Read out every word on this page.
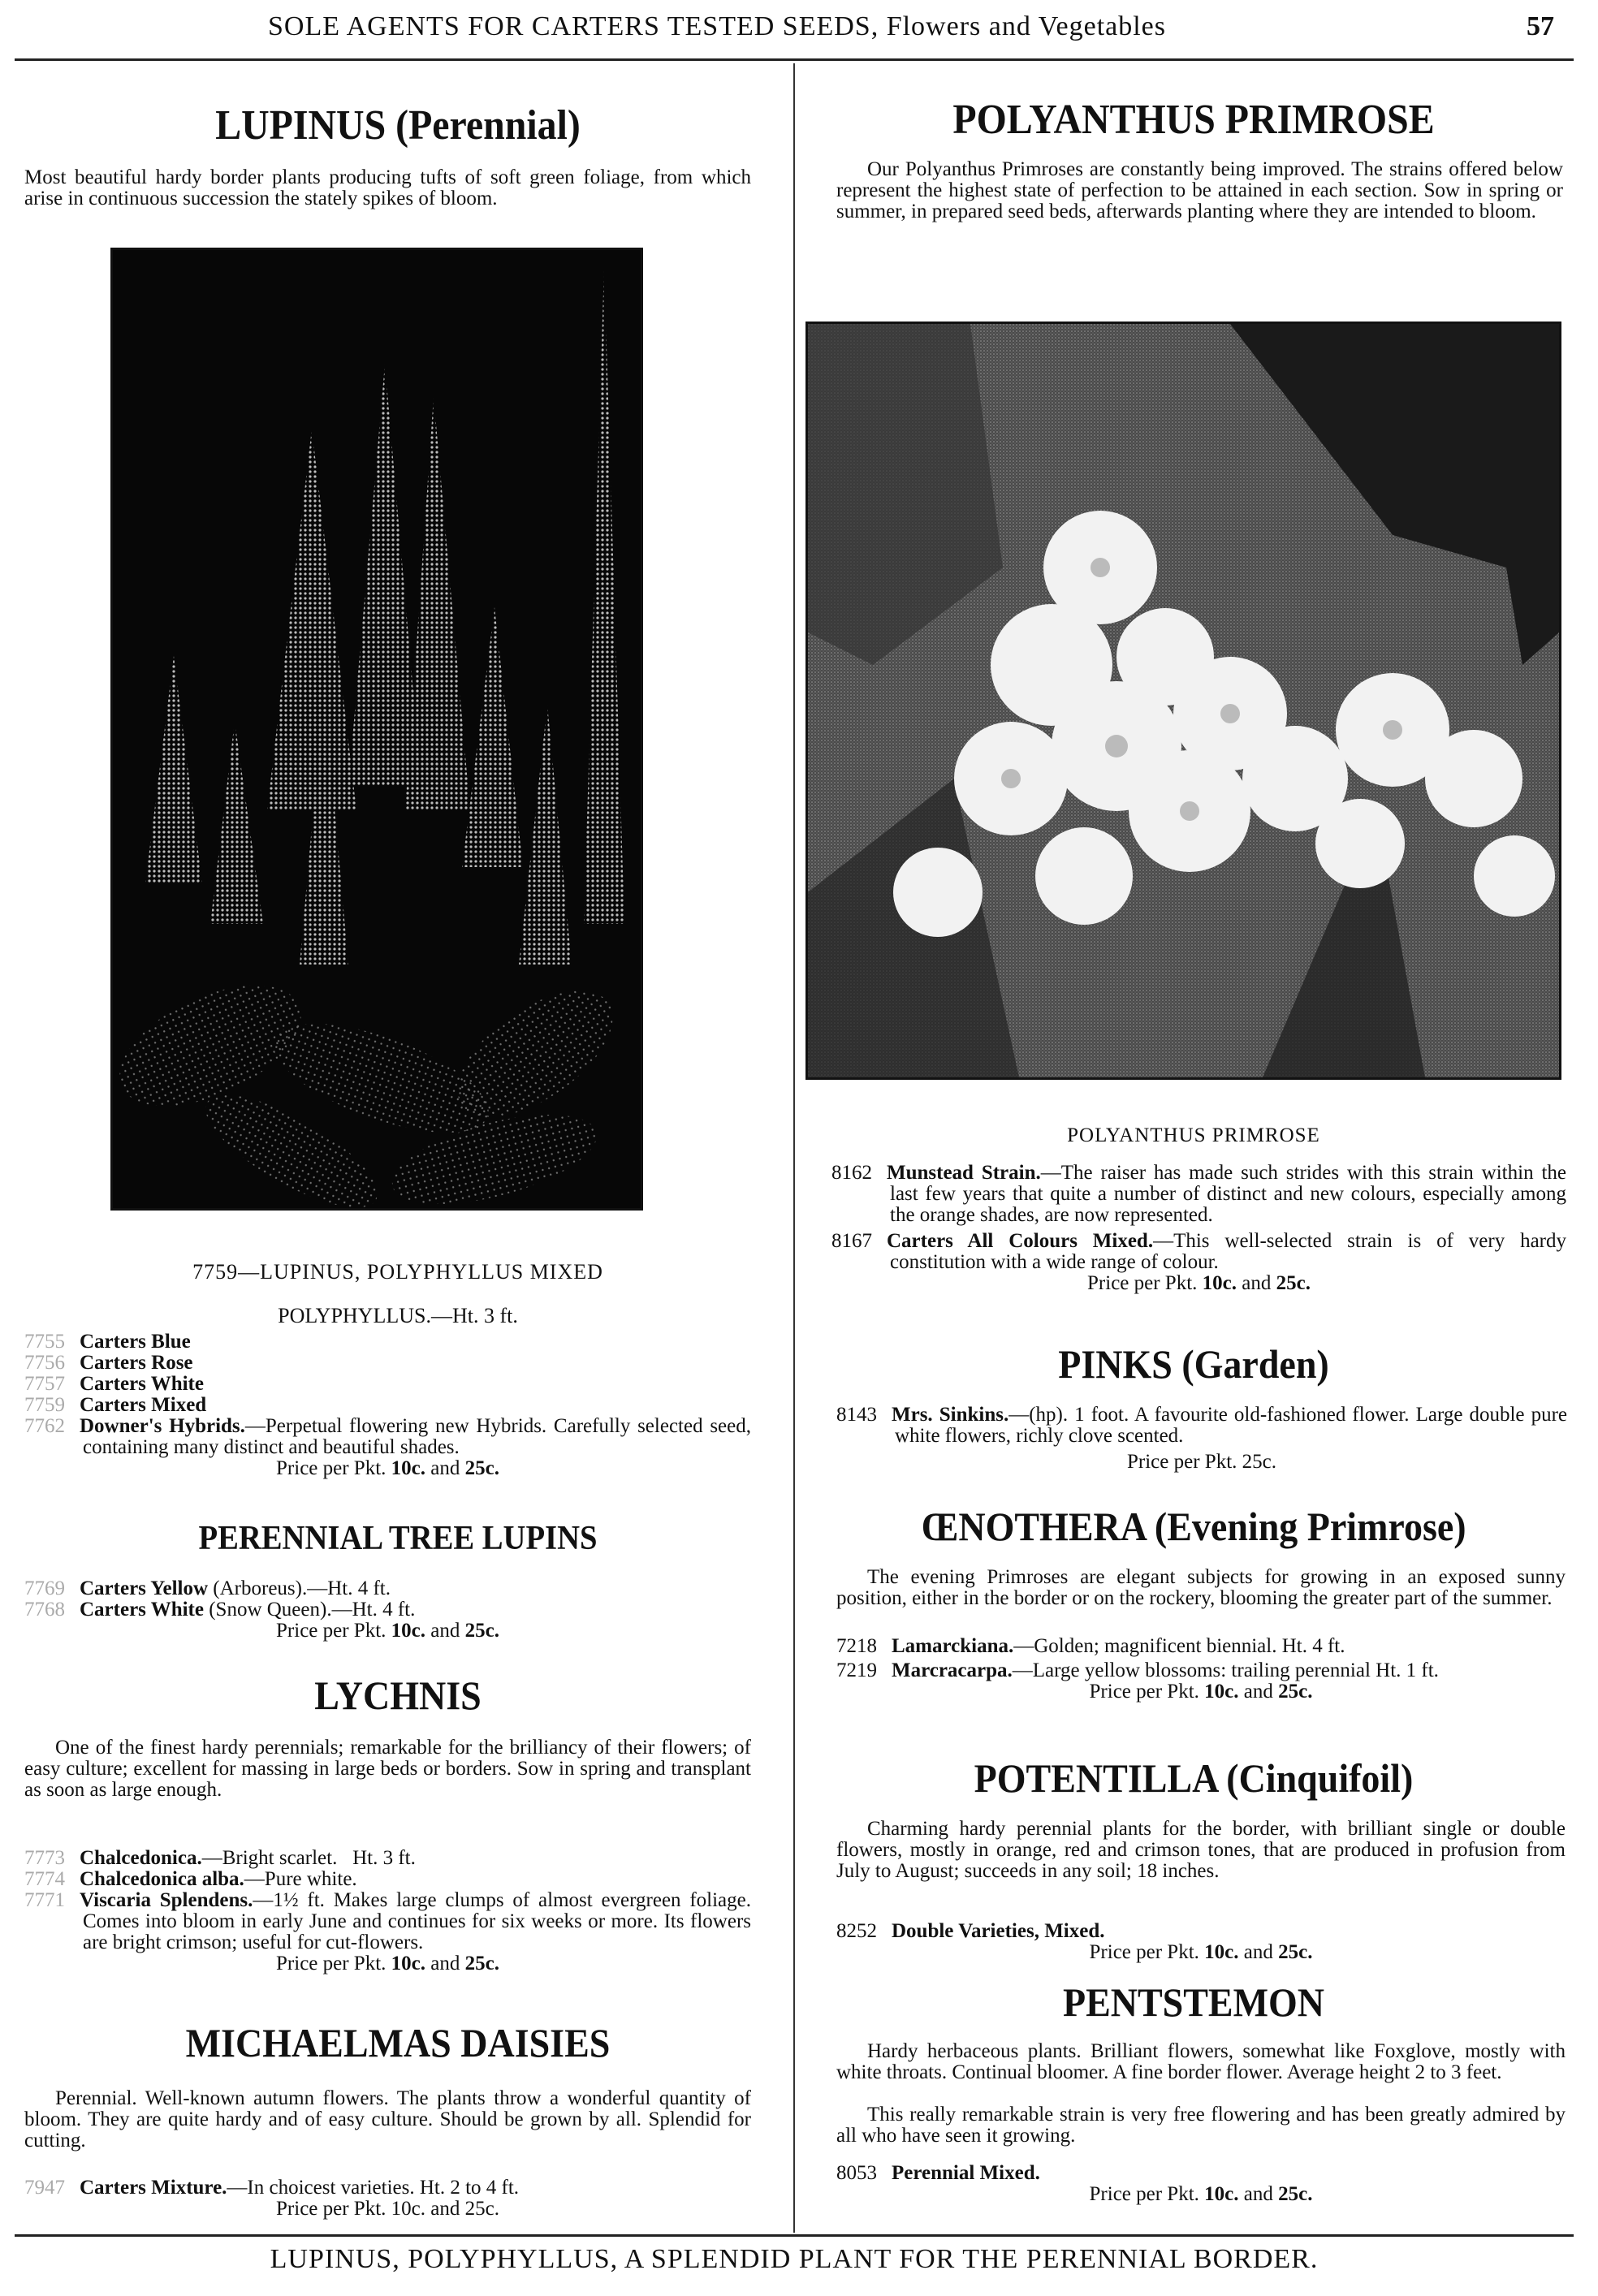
SOLE AGENTS FOR CARTERS TESTED SEEDS, Flowers and Vegetables	57
LUPINUS (Perennial)
Most beautiful hardy border plants producing tufts of soft green foliage, from which arise in continuous succession the stately spikes of bloom.
7759—LUPINUS, POLYPHYLLUS MIXED
POLYPHYLLUS.—Ht. 3 ft.
7755 Carters Blue
7756 Carters Rose
7757 Carters White
7759 Carters Mixed
7762 Downer's Hybrids.—Perpetual flowering new Hybrids. Carefully selected seed, containing many distinct and beautiful shades.
Price per Pkt. 10c. and 25c.
PERENNIAL TREE LUPINS
7769 Carters Yellow (Arboreus).—Ht. 4 ft.
7768 Carters White (Snow Queen).—Ht. 4 ft.
Price per Pkt. 10c. and 25c.
LYCHNIS
One of the finest hardy perennials; remarkable for the brilliancy of their flowers; of easy culture; excellent for massing in large beds or borders. Sow in spring and transplant as soon as large enough.
7773 Chalcedonica.—Bright scarlet.   Ht. 3 ft.
7774 Chalcedonica alba.—Pure white.
7771 Viscaria Splendens.—1½ ft. Makes large clumps of almost evergreen foliage. Comes into bloom in early June and continues for six weeks or more. Its flowers are bright crimson; useful for cut-flowers.
Price per Pkt. 10c. and 25c.
MICHAELMAS DAISIES
Perennial. Well-known autumn flowers. The plants throw a wonderful quantity of bloom. They are quite hardy and of easy culture. Should be grown by all. Splendid for cutting.
7947 Carters Mixture.—In choicest varieties. Ht. 2 to 4 ft.
Price per Pkt. 10c. and 25c.
POLYANTHUS PRIMROSE
Our Polyanthus Primroses are constantly being improved. The strains offered below represent the highest state of perfection to be attained in each section. Sow in spring or summer, in prepared seed beds, afterwards planting where they are intended to bloom.
POLYANTHUS PRIMROSE
8162 Munstead Strain.—The raiser has made such strides with this strain within the last few years that quite a number of distinct and new colours, especially among the orange shades, are now represented.
8167 Carters All Colours Mixed.—This well-selected strain is of very hardy constitution with a wide range of colour.
Price per Pkt. 10c. and 25c.
PINKS (Garden)
8143 Mrs. Sinkins.—(hp). 1 foot. A favourite old-fashioned flower. Large double pure white flowers, richly clove scented.
Price per Pkt. 25c.
ŒNOTHERA (Evening Primrose)
The evening Primroses are elegant subjects for growing in an exposed sunny position, either in the border or on the rockery, blooming the greater part of the summer.
7218 Lamarckiana.—Golden; magnificent biennial. Ht. 4 ft.
7219 Marcracarpa.—Large yellow blossoms: trailing perennial Ht. 1 ft.
Price per Pkt. 10c. and 25c.
POTENTILLA (Cinquifoil)
Charming hardy perennial plants for the border, with brilliant single or double flowers, mostly in orange, red and crimson tones, that are produced in profusion from July to August; succeeds in any soil; 18 inches.
8252 Double Varieties, Mixed.
Price per Pkt. 10c. and 25c.
PENTSTEMON
Hardy herbaceous plants. Brilliant flowers, somewhat like Foxglove, mostly with white throats. Continual bloomer. A fine border flower. Average height 2 to 3 feet.
This really remarkable strain is very free flowering and has been greatly admired by all who have seen it growing.
8053 Perennial Mixed.
Price per Pkt. 10c. and 25c.
LUPINUS, POLYPHYLLUS, A SPLENDID PLANT FOR THE PERENNIAL BORDER.
